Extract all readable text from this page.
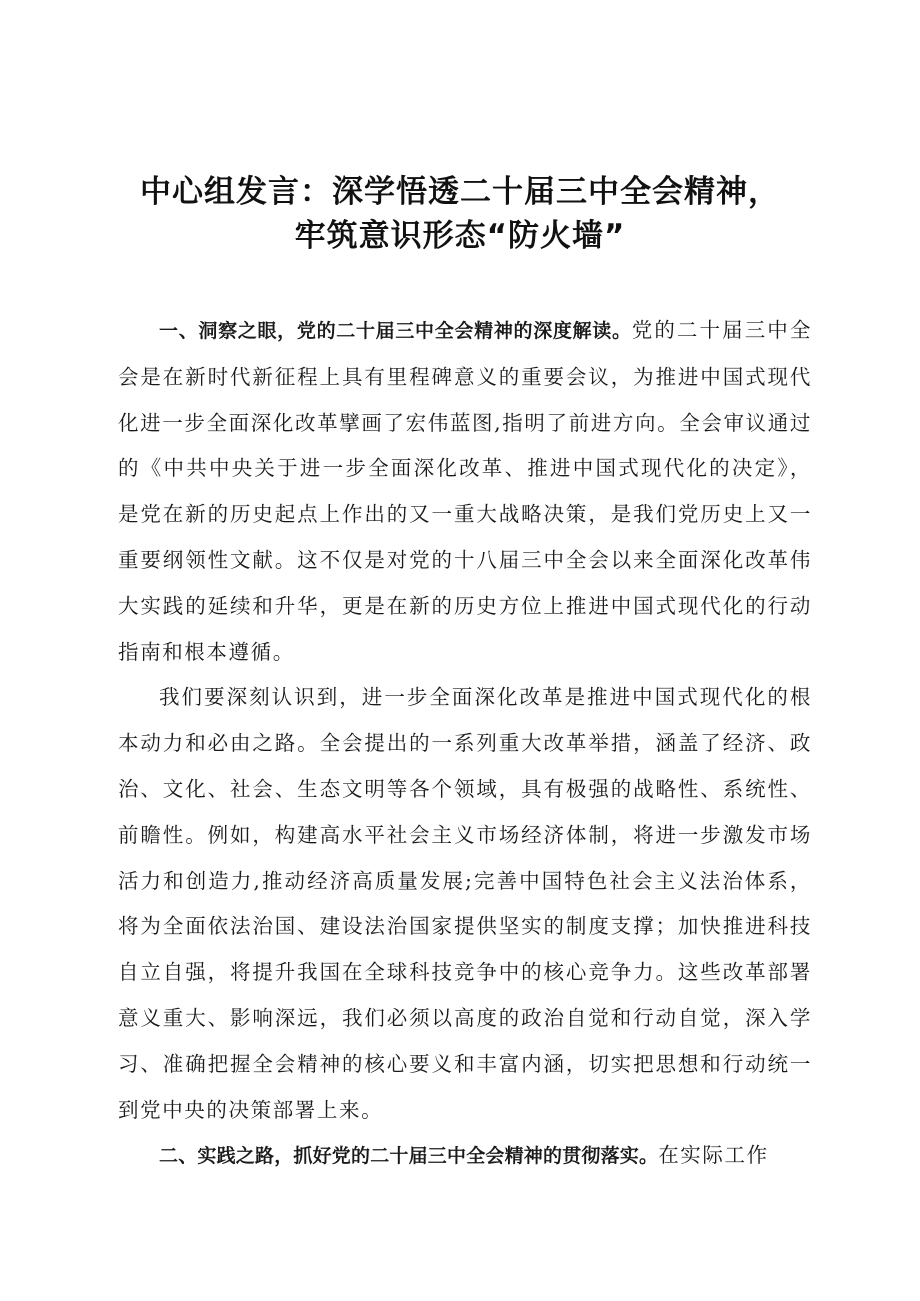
中心组发言：深学悟透二十届三中全会精神，
牢筑意识形态“防火墙”

一、洞察之眼，党的二十届三中全会精神的深度解读。党的二十届三中全会是在新时代新征程上具有里程碑意义的重要会议，为推进中国式现代化进一步全面深化改革擘画了宏伟蓝图,指明了前进方向。全会审议通过的《中共中央关于进一步全面深化改革、推进中国式现代化的决定》，是党在新的历史起点上作出的又一重大战略决策，是我们党历史上又一重要纲领性文献。这不仅是对党的十八届三中全会以来全面深化改革伟大实践的延续和升华，更是在新的历史方位上推进中国式现代化的行动指南和根本遵循。

我们要深刻认识到，进一步全面深化改革是推进中国式现代化的根本动力和必由之路。全会提出的一系列重大改革举措，涵盖了经济、政治、文化、社会、生态文明等各个领域，具有极强的战略性、系统性、前瞻性。例如，构建高水平社会主义市场经济体制，将进一步激发市场活力和创造力,推动经济高质量发展;完善中国特色社会主义法治体系，将为全面依法治国、建设法治国家提供坚实的制度支撑；加快推进科技自立自强，将提升我国在全球科技竞争中的核心竞争力。这些改革部署意义重大、影响深远，我们必须以高度的政治自觉和行动自觉，深入学习、准确把握全会精神的核心要义和丰富内涵，切实把思想和行动统一到党中央的决策部署上来。

二、实践之路，抓好党的二十届三中全会精神的贯彻落实。在实际工作
